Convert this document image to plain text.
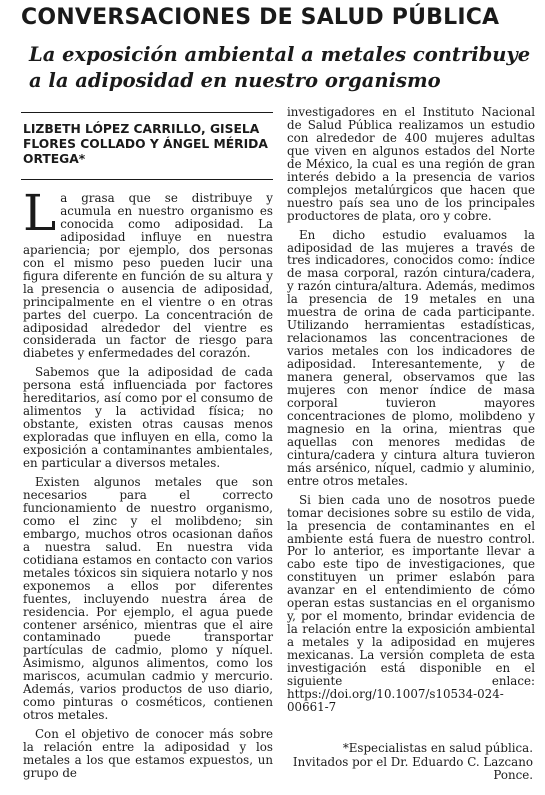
CONVERSACIONES DE SALUD PÚBLICA
La exposición ambiental a metales contribuye a la adiposidad en nuestro organismo

LIZBETH LÓPEZ CARRILLO, GISELA FLORES COLLADO Y ÁNGEL MÉRIDA ORTEGA*

La grasa que se distribuye y acumula en nuestro organismo es conocida como adiposidad. La adiposidad influye en nuestra apariencia; por ejemplo, dos personas con el mismo peso pueden lucir una figura diferente en función de su altura y la presencia o ausencia de adiposidad, principalmente en el vientre o en otras partes del cuerpo. La concentración de adiposidad alrededor del vientre es considerada un factor de riesgo para diabetes y enfermedades del corazón.

Sabemos que la adiposidad de cada persona está influenciada por factores hereditarios, así como por el consumo de alimentos y la actividad física; no obstante, existen otras causas menos exploradas que influyen en ella, como la exposición a contaminantes ambientales, en particular a diversos metales.

Existen algunos metales que son necesarios para el correcto funcionamiento de nuestro organismo, como el zinc y el molibdeno; sin embargo, muchos otros ocasionan daños a nuestra salud. En nuestra vida cotidiana estamos en contacto con varios metales tóxicos sin siquiera notarlo y nos exponemos a ellos por diferentes fuentes, incluyendo nuestra área de residencia. Por ejemplo, el agua puede contener arsénico, mientras que el aire contaminado puede transportar partículas de cadmio, plomo y níquel. Asimismo, algunos alimentos, como los mariscos, acumulan cadmio y mercurio. Además, varios productos de uso diario, como pinturas o cosméticos, contienen otros metales.

Con el objetivo de conocer más sobre la relación entre la adiposidad y los metales a los que estamos expuestos, un grupo de

investigadores en el Instituto Nacional de Salud Pública realizamos un estudio con alrededor de 400 mujeres adultas que viven en algunos estados del Norte de México, la cual es una región de gran interés debido a la presencia de varios complejos metalúrgicos que hacen que nuestro país sea uno de los principales productores de plata, oro y cobre.

En dicho estudio evaluamos la adiposidad de las mujeres a través de tres indicadores, conocidos como: índice de masa corporal, razón cintura/cadera, y razón cintura/altura. Además, medimos la presencia de 19 metales en una muestra de orina de cada participante. Utilizando herramientas estadísticas, relacionamos las concentraciones de varios metales con los indicadores de adiposidad. Interesantemente, y de manera general, observamos que las mujeres con menor índice de masa corporal tuvieron mayores concentraciones de plomo, molibdeno y magnesio en la orina, mientras que aquellas con menores medidas de cintura/cadera y cintura altura tuvieron más arsénico, níquel, cadmio y aluminio, entre otros metales.

Si bien cada uno de nosotros puede tomar decisiones sobre su estilo de vida, la presencia de contaminantes en el ambiente está fuera de nuestro control. Por lo anterior, es importante llevar a cabo este tipo de investigaciones, que constituyen un primer eslabón para avanzar en el entendimiento de cómo operan estas sustancias en el organismo y, por el momento, brindar evidencia de la relación entre la exposición ambiental a metales y la adiposidad en mujeres mexicanas. La versión completa de esta investigación está disponible en el siguiente enlace: https://doi.org/10.1007/s10534-024-00661-7

*Especialistas en salud pública.

Invitados por el Dr. Eduardo C. Lazcano Ponce.
